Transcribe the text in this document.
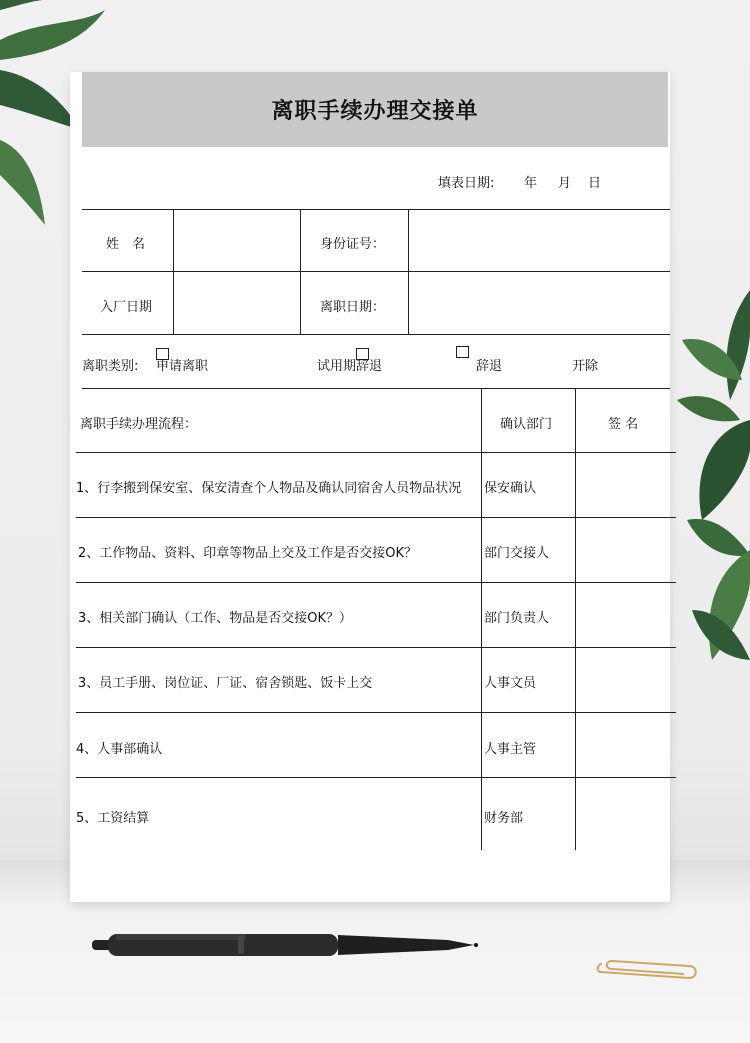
离职手续办理交接单
填表日期: 年 月 日
姓　名	身份证号：
入厂日期	离职日期：
离职类别: 申请离职	试用期辞退	辞退	开除
离职手续办理流程：	确认部门	签 名
1、行李搬到保安室、保安清查个人物品及确认同宿舍人员物品状况	保安确认
2、工作物品、资料、印章等物品上交及工作是否交接OK？	部门交接人
3、相关部门确认（工作、物品是否交接OK？）	部门负责人
3、员工手册、岗位证、厂证、宿舍锁匙、饭卡上交	人事文员
4、人事部确认	人事主管
5、工资结算	财务部
